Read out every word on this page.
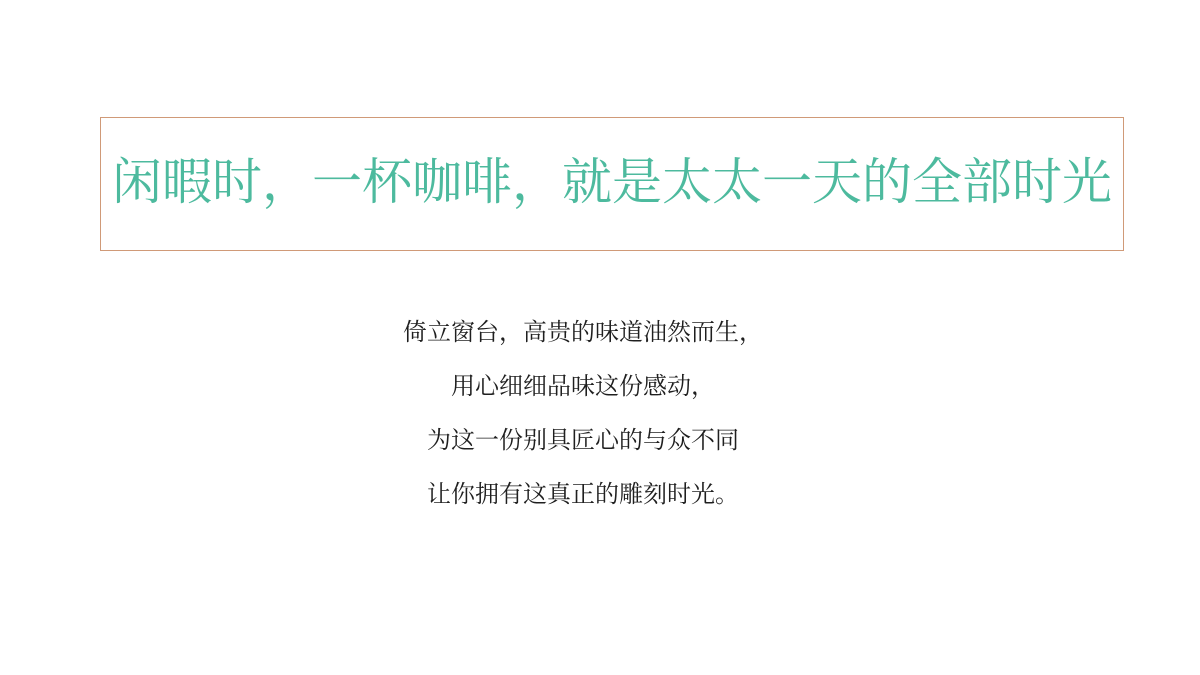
闲暇时，一杯咖啡，就是太太一天的全部时光

倚立窗台，高贵的味道油然而生，

用心细细品味这份感动，

为这一份别具匠心的与众不同

让你拥有这真正的雕刻时光。
